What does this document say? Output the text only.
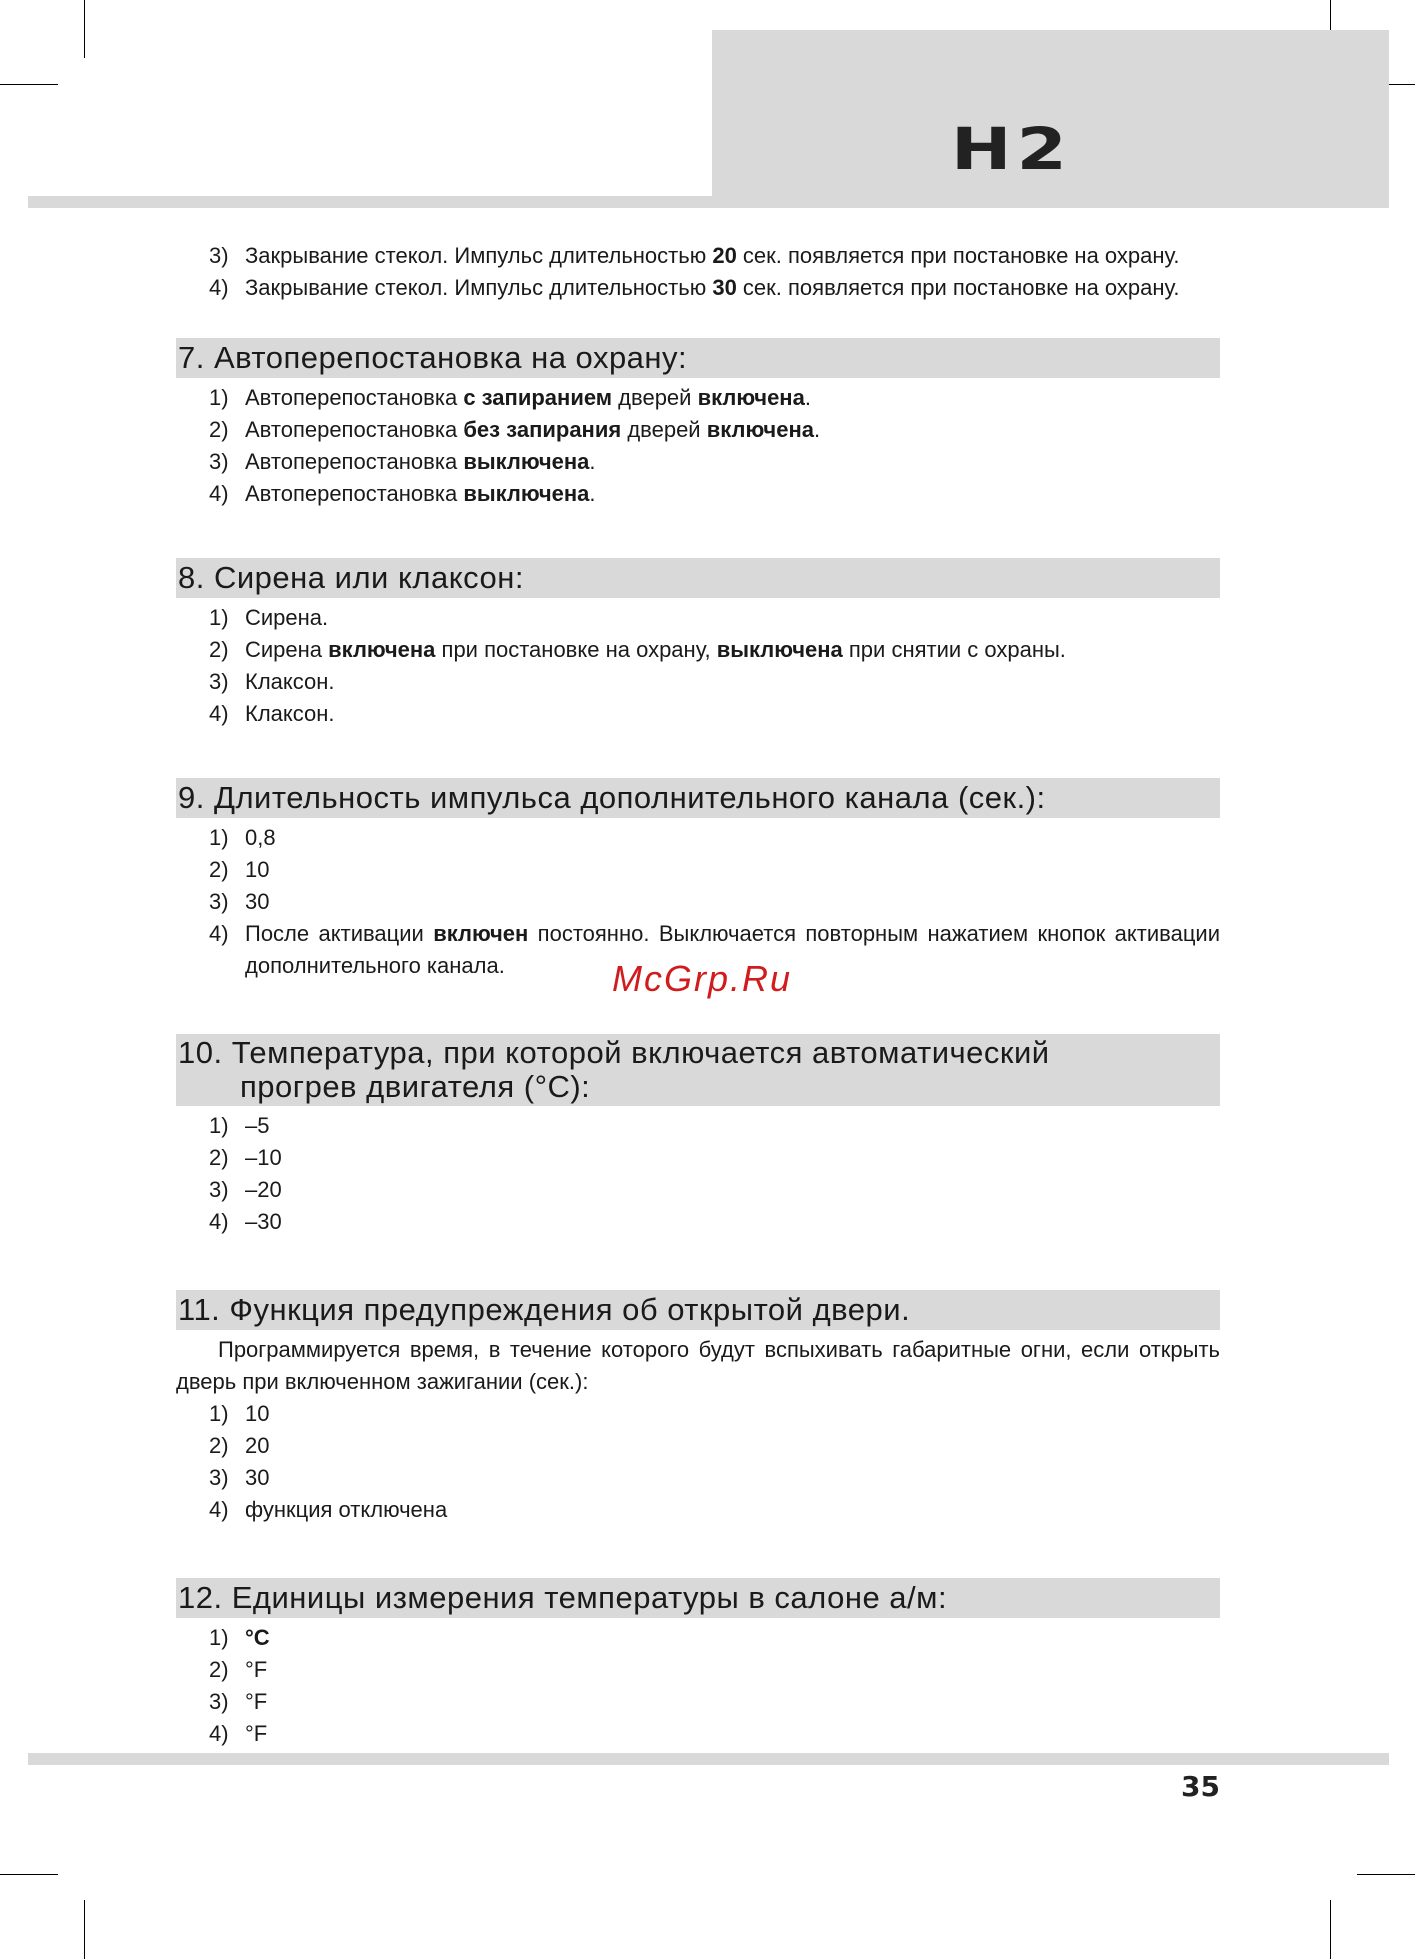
H2
3) Закрывание стекол. Импульс длительностью 20 сек. появляется при постановке на охрану.
4) Закрывание стекол. Импульс длительностью 30 сек. появляется при постановке на охрану.
7. Автоперепостановка на охрану:
1) Автоперепостановка с запиранием дверей включена.
2) Автоперепостановка без запирания дверей включена.
3) Автоперепостановка выключена.
4) Автоперепостановка выключена.
8. Сирена или клаксон:
1) Сирена.
2) Сирена включена при постановке на охрану, выключена при снятии с охраны.
3) Клаксон.
4) Клаксон.
9. Длительность импульса дополнительного канала (сек.):
1) 0,8
2) 10
3) 30
4) После активации включен постоянно. Выключается повторным нажатием кнопок активации дополнительного канала.
10. Температура, при которой включается автоматический
прогрев двигателя (°С):
1) –5
2) –10
3) –20
4) –30
11. Функция предупреждения об открытой двери.

Программируется время, в течение которого будут вспыхивать габаритные огни, если открыть дверь при включенном зажигании (сек.):

1) 10
2) 20
3) 30
4) функция отключена
12. Единицы измерения температуры в салоне а/м:
1) °C
2) °F
3) °F
4) °F
McGrp.Ru
35
